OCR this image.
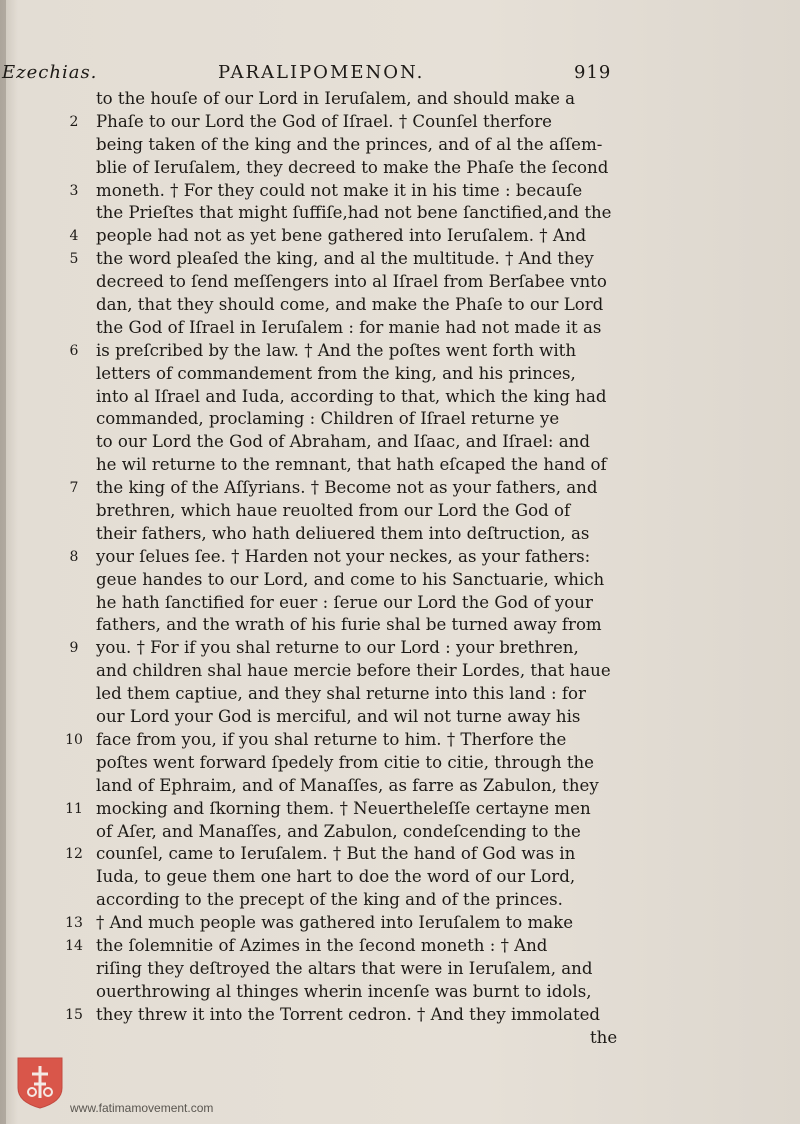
Ezechias.	PARALIPOMENON.	919
to the houſe of our Lord in Ieruſalem, and should make a
2	Phaſe to our Lord the God of Iſrael. † Counſel therfore
being taken of the king and the princes, and of al the aſſem-
blie of Ieruſalem, they decreed to make the Phaſe the ſecond
3	moneth. † For they could not make it in his time : becauſe
the Prieſtes that might ſuffiſe,had not bene ſanctified,and the
4	people had not as yet bene gathered into Ieruſalem. † And
5	the word pleaſed the king, and al the multitude. † And they
decreed to ſend meſſengers into al Iſrael from Berſabee vnto
dan, that they should come, and make the Phaſe to our Lord
the God of Iſrael in Ieruſalem : for manie had not made it as
6	is preſcribed by the law. † And the poſtes went forth with
letters of commandement from the king, and his princes,
into al Iſrael and Iuda, according to that, which the king had
commanded, proclaming : Children of Iſrael returne ye
to our Lord the God of Abraham, and Iſaac, and Iſrael: and
he wil returne to the remnant, that hath eſcaped the hand of
7	the king of the Aſſyrians. † Become not as your fathers, and
brethren, which haue reuolted from our Lord the God of
their fathers, who hath deliuered them into deſtruction, as
8	your ſelues ſee. † Harden not your neckes, as your fathers:
geue handes to our Lord, and come to his Sanctuarie, which
he hath ſanctified for euer : ſerue our Lord the God of your
fathers, and the wrath of his furie shal be turned away from
9	you. † For if you shal returne to our Lord : your brethren,
and children shal haue mercie before their Lordes, that haue
led them captiue, and they shal returne into this land : for
our Lord your God is merciful, and wil not turne away his
10 face from you, if you shal returne to him. † Therfore the
poſtes went forward ſpedely from citie to citie, through the
land of Ephraim, and of Manaſſes, as farre as Zabulon, they
11 mocking and ſkorning them. † Neuertheleſſe certayne men
of Aſer, and Manaſſes, and Zabulon, condeſcending to the
12 counſel, came to Ieruſalem. † But the hand of God was in
Iuda, to geue them one hart to doe the word of our Lord,
according to the precept of the king and of the princes.
13 † And much people was gathered into Ieruſalem to make
14 the ſolemnitie of Azimes in the ſecond moneth : † And
riſing they deſtroyed the altars that were in Ieruſalem, and
ouerthrowing al thinges wherin incenſe was burnt to idols,
15 they threw it into the Torrent cedron. † And they immolated
the
www.fatimamovement.com
